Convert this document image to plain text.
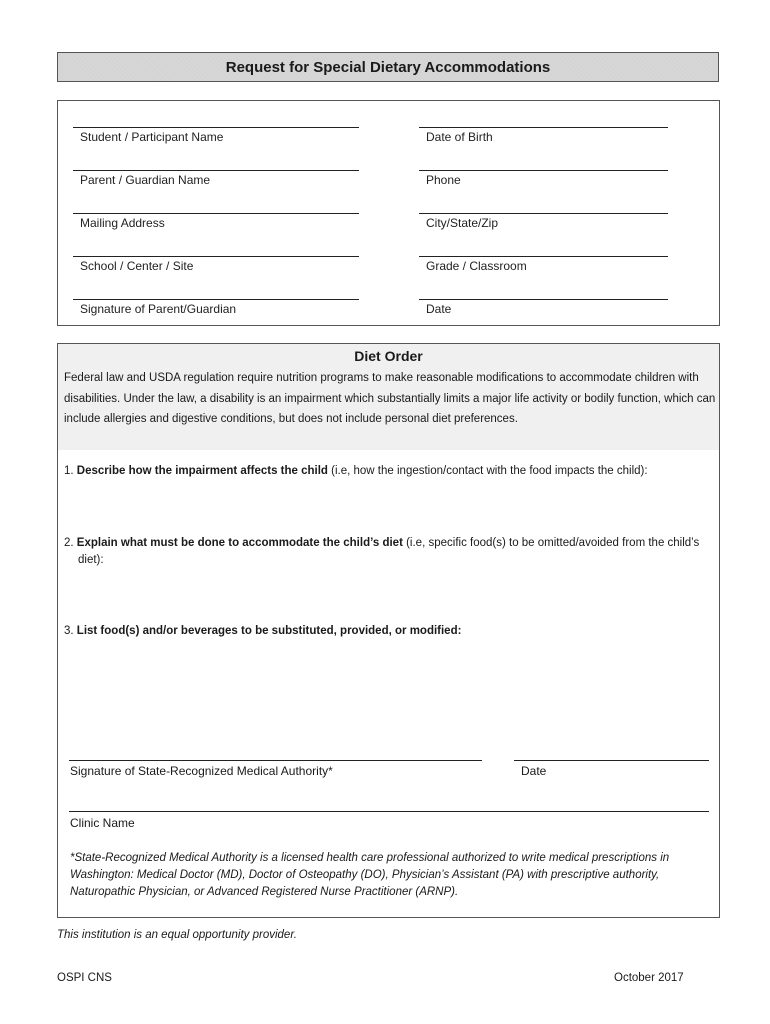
Request for Special Dietary Accommodations
Student / Participant Name	Date of Birth
Parent / Guardian Name	Phone
Mailing Address	City/State/Zip
School / Center / Site	Grade / Classroom
Signature of Parent/Guardian	Date
Diet Order
Federal law and USDA regulation require nutrition programs to make reasonable modifications to accommodate children with disabilities. Under the law, a disability is an impairment which substantially limits a major life activity or bodily function, which can include allergies and digestive conditions, but does not include personal diet preferences.
1. Describe how the impairment affects the child (i.e, how the ingestion/contact with the food impacts the child):
2. Explain what must be done to accommodate the child’s diet (i.e, specific food(s) to be omitted/avoided from the child’s diet):
3. List food(s) and/or beverages to be substituted, provided, or modified:
Signature of State-Recognized Medical Authority*	Date
Clinic Name
*State-Recognized Medical Authority is a licensed health care professional authorized to write medical prescriptions in Washington: Medical Doctor (MD), Doctor of Osteopathy (DO), Physician’s Assistant (PA) with prescriptive authority, Naturopathic Physician, or Advanced Registered Nurse Practitioner (ARNP).
This institution is an equal opportunity provider.
OSPI CNS	October 2017
